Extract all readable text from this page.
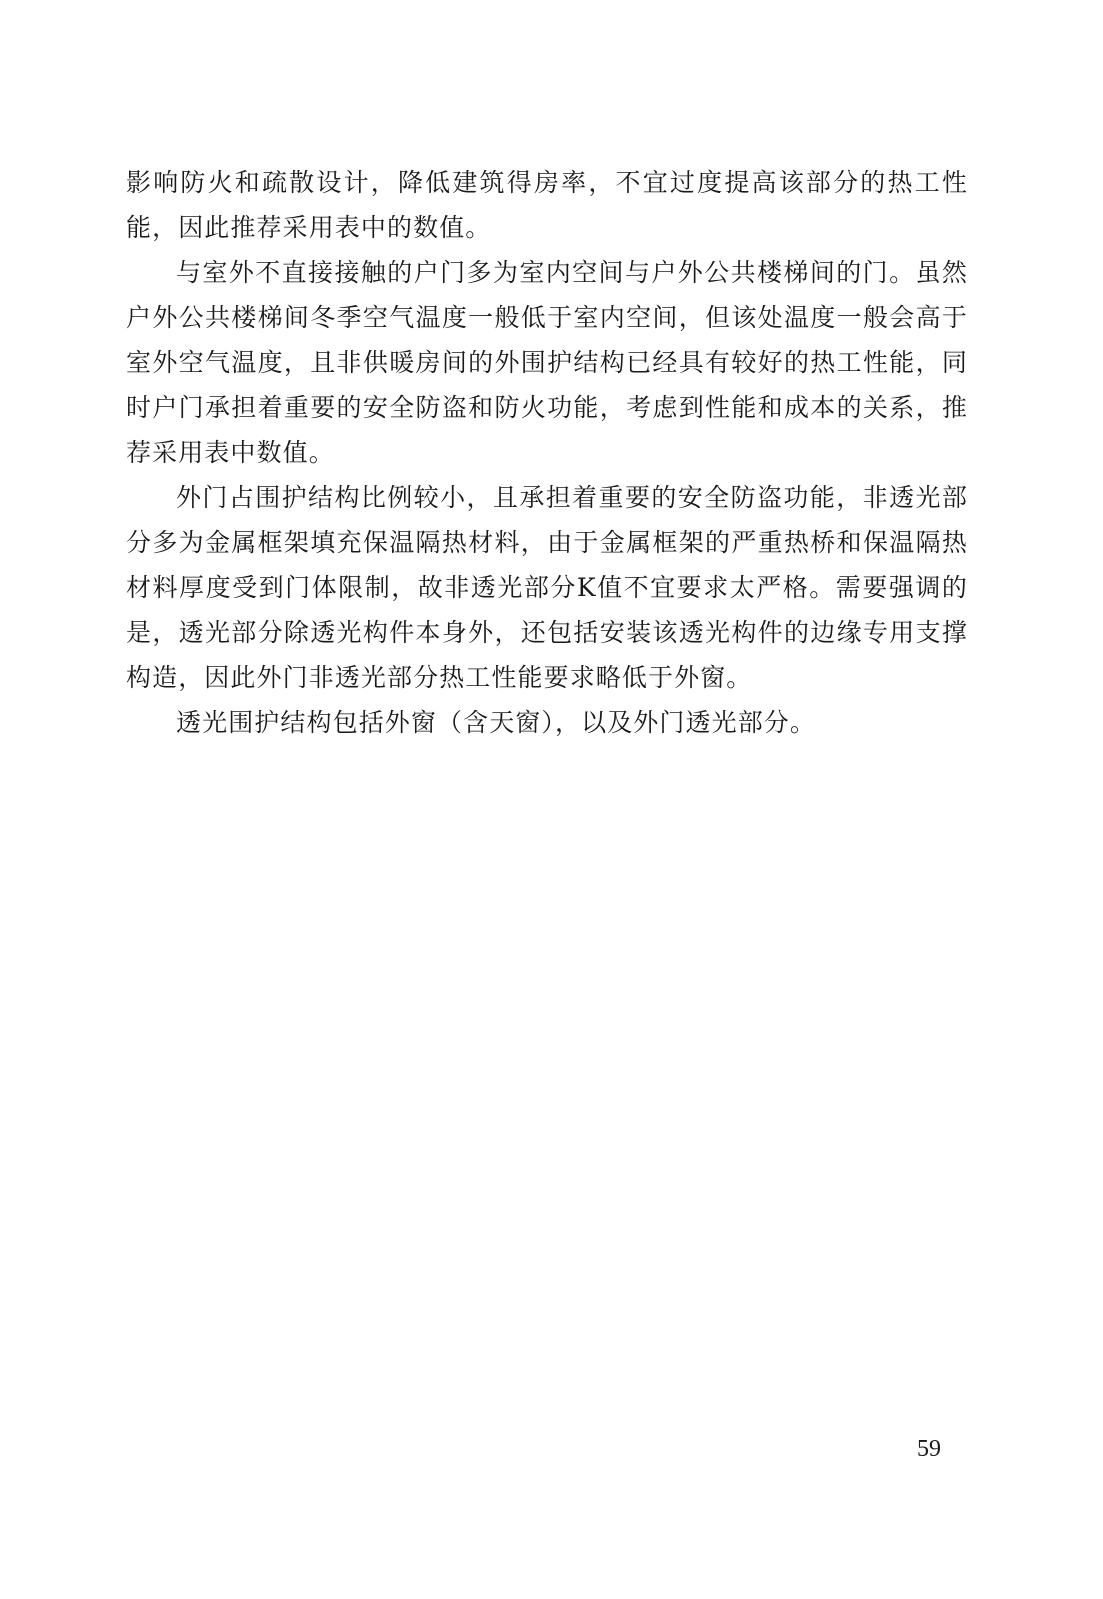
影响防火和疏散设计，降低建筑得房率，不宜过度提高该部分的热工性能，因此推荐采用表中的数值。

与室外不直接接触的户门多为室内空间与户外公共楼梯间的门。虽然户外公共楼梯间冬季空气温度一般低于室内空间，但该处温度一般会高于室外空气温度，且非供暖房间的外围护结构已经具有较好的热工性能，同时户门承担着重要的安全防盗和防火功能，考虑到性能和成本的关系，推荐采用表中数值。

外门占围护结构比例较小，且承担着重要的安全防盗功能，非透光部分多为金属框架填充保温隔热材料，由于金属框架的严重热桥和保温隔热材料厚度受到门体限制，故非透光部分K值不宜要求太严格。需要强调的是，透光部分除透光构件本身外，还包括安装该透光构件的边缘专用支撑构造，因此外门非透光部分热工性能要求略低于外窗。

透光围护结构包括外窗（含天窗），以及外门透光部分。

59
